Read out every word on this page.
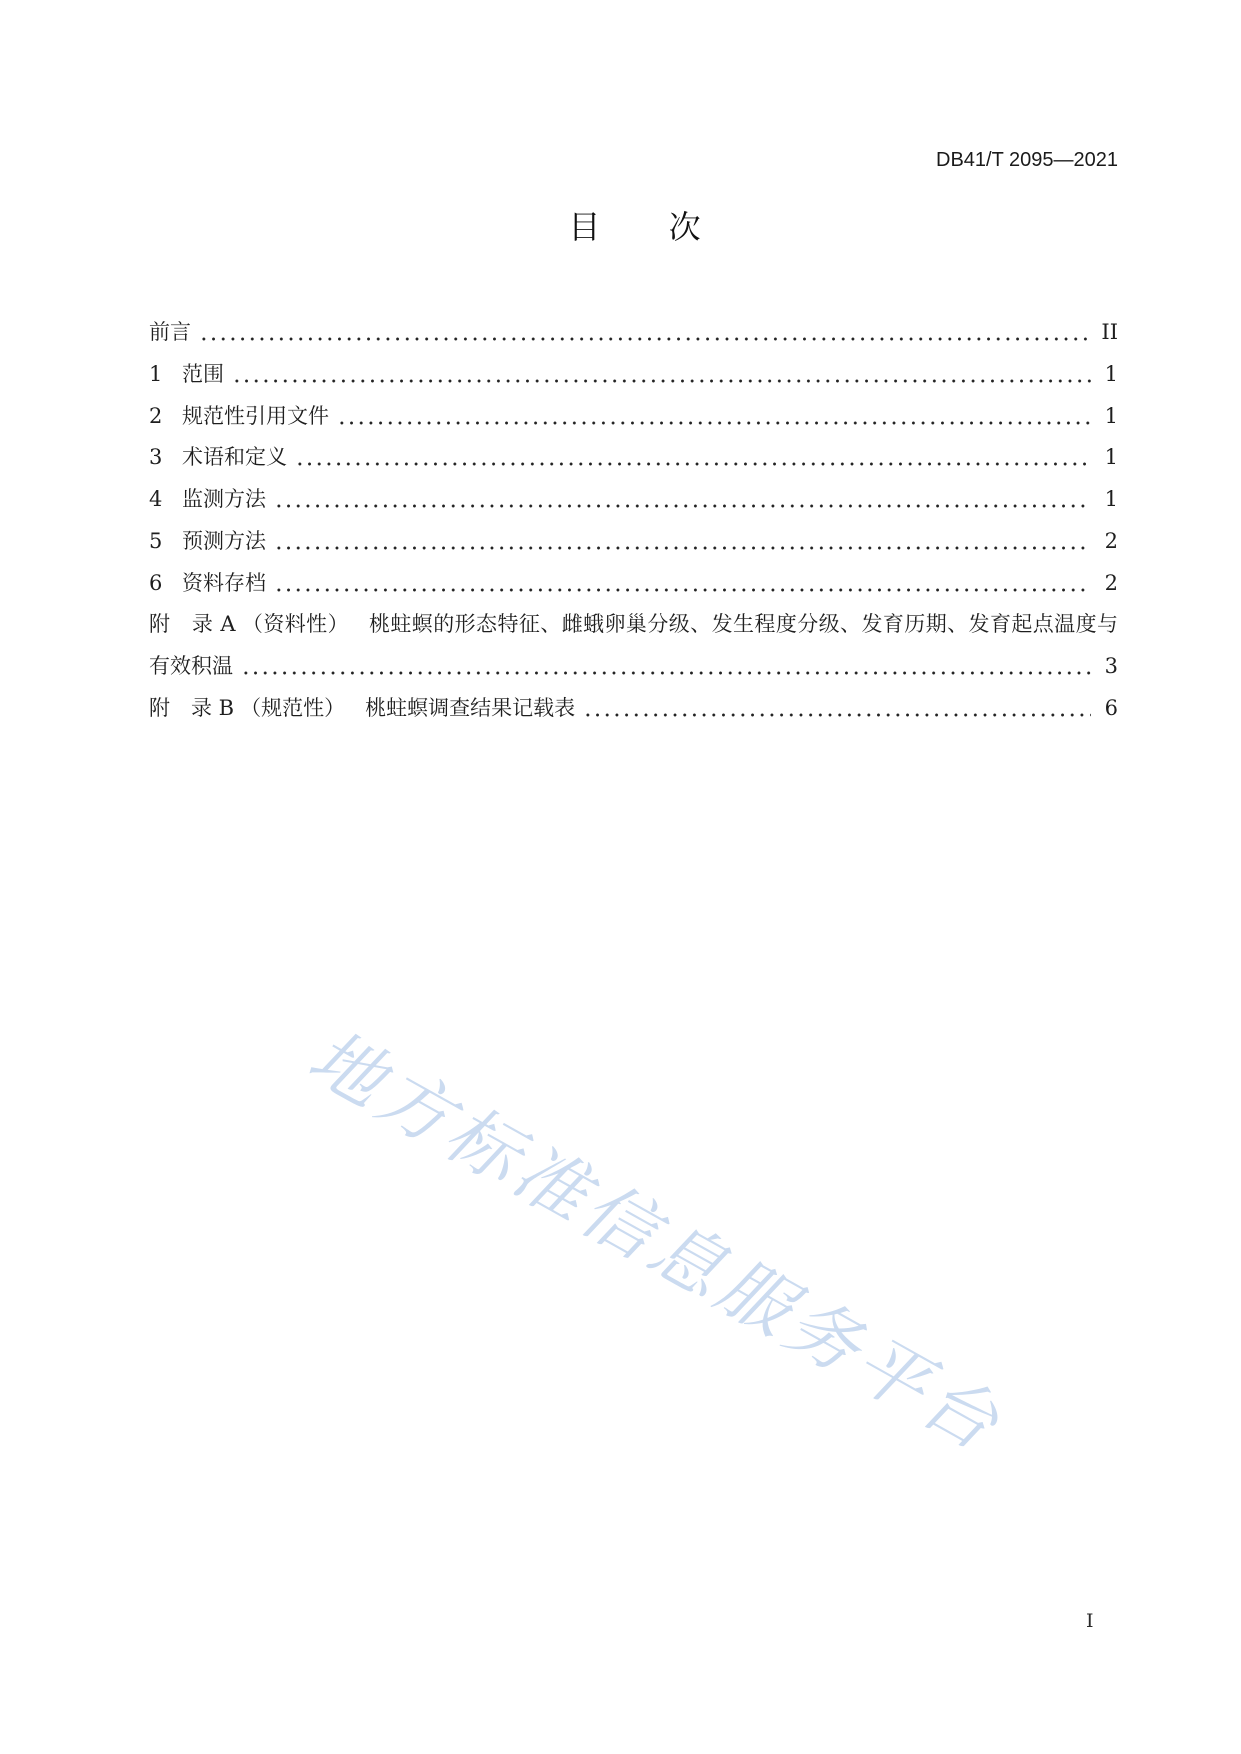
DB41/T 2095—2021
目 次
前言	II
1 范围	1
2 规范性引用文件	1
3 术语和定义	1
4 监测方法	1
5 预测方法	2
6 资料存档	2
附　录 A （资料性） 桃蛀螟的形态特征、雌蛾卵巢分级、发生程度分级、发育历期、发育起点温度与
有效积温	3
附　录 B （规范性） 桃蛀螟调查结果记载表	6
地方标准信息服务平台
I
